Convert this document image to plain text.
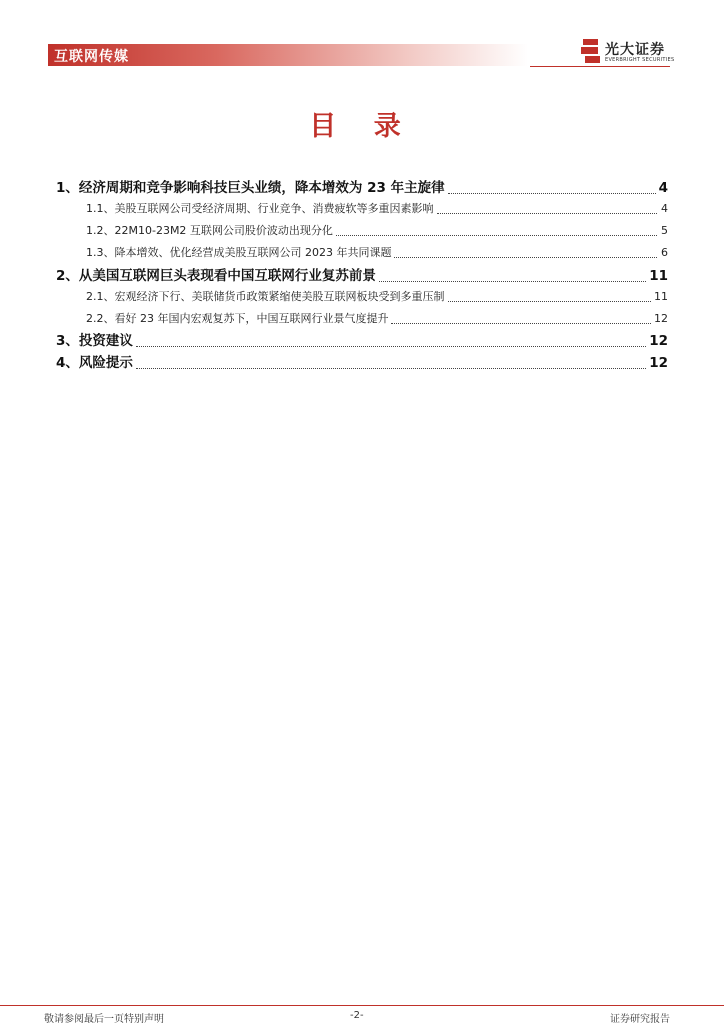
互联网传媒	光大证券
EVERBRIGHT SECURITIES
目 录
1、经济周期和竞争影响科技巨头业绩，降本增效为 23 年主旋律	4
1.1、美股互联网公司受经济周期、行业竞争、消费疲软等多重因素影响	4
1.2、22M10-23M2 互联网公司股价波动出现分化	5
1.3、降本增效、优化经营成美股互联网公司 2023 年共同课题	6
2、从美国互联网巨头表现看中国互联网行业复苏前景	11
2.1、宏观经济下行、美联储货币政策紧缩使美股互联网板块受到多重压制	11
2.2、看好 23 年国内宏观复苏下，中国互联网行业景气度提升	12
3、投资建议	12
4、风险提示	12
敬请参阅最后一页特别声明	-2-	证券研究报告
